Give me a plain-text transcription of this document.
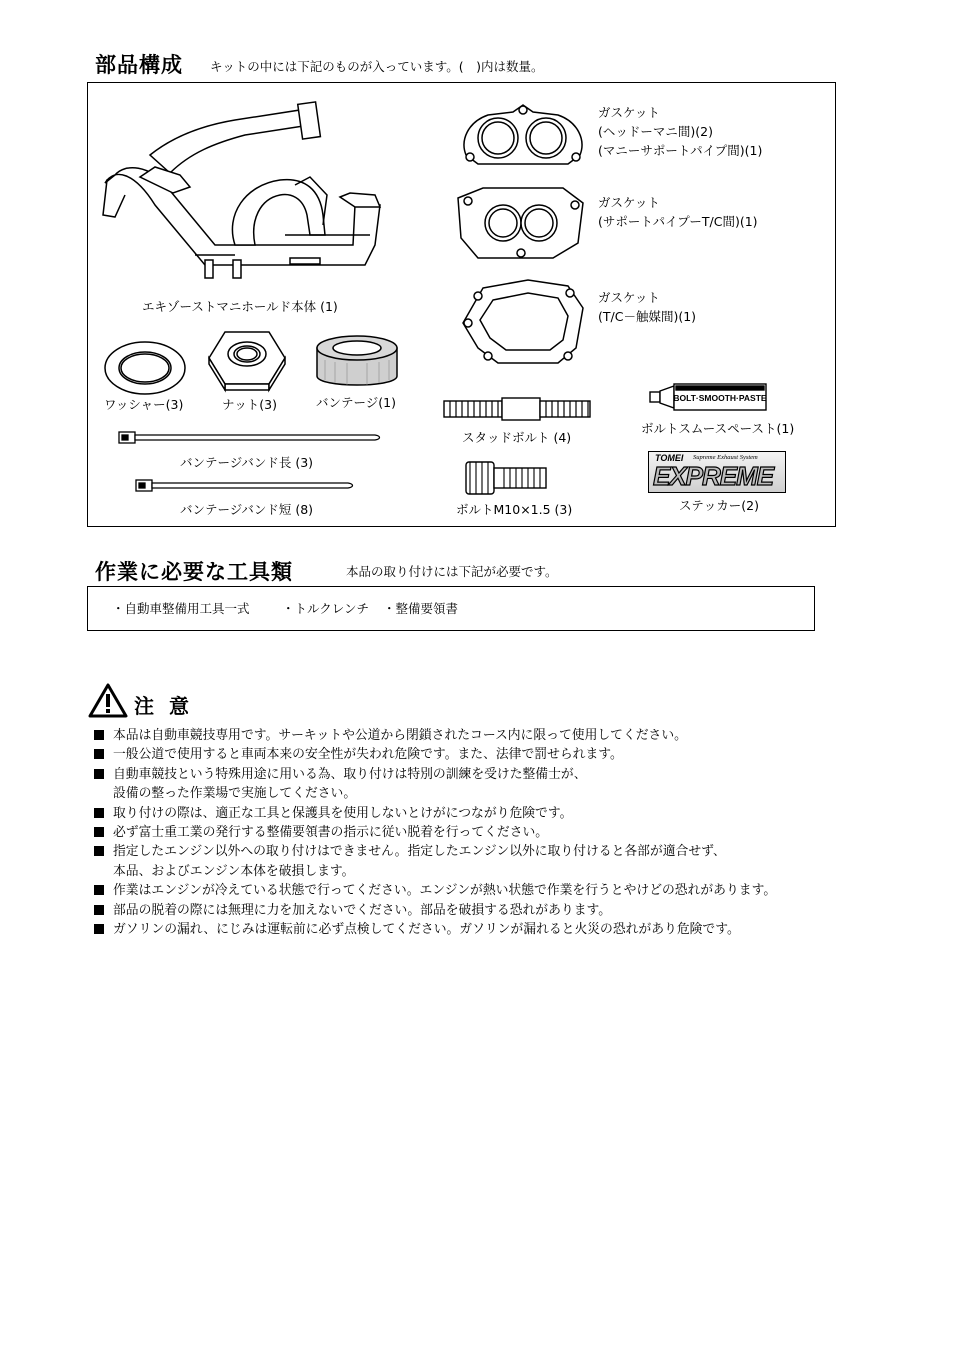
部品構成 キットの中には下記のものが入っています。(　)内は数量。
エキゾーストマニホールド本体 (1)
ガスケット
(ヘッドーマニ間)(2)
(マニーサポートパイプ間)(1)
ガスケット
(サポートパイプーT/C間)(1)
ガスケット
(T/C－触媒間)(1)
ワッシャー(3)	ナット(3)	バンテージ(1)
スタッドボルト (4)
BOLT·SMOOTH·PASTE
ボルトスムースペースト(1)
バンテージバンド長 (3)
バンテージバンド短 (8)	ボルトM10×1.5 (3)
TOMEI Supreme Exhaust System
EXPREME
ステッカー(2)
作業に必要な工具類	本品の取り付けには下記が必要です。
・自動車整備用工具一式	・トルクレンチ ・整備要領書
注 意
本品は自動車競技専用です。サーキットや公道から閉鎖されたコース内に限って使用してください。
一般公道で使用すると車両本来の安全性が失われ危険です。また、法律で罰せられます。
自動車競技という特殊用途に用いる為、取り付けは特別の訓練を受けた整備士が、
設備の整った作業場で実施してください。
取り付けの際は、適正な工具と保護具を使用しないとけがにつながり危険です。
必ず富士重工業の発行する整備要領書の指示に従い脱着を行ってください。
指定したエンジン以外への取り付けはできません。指定したエンジン以外に取り付けると各部が適合せず、
本品、およびエンジン本体を破損します。
作業はエンジンが冷えている状態で行ってください。エンジンが熱い状態で作業を行うとやけどの恐れがあります。
部品の脱着の際には無理に力を加えないでください。部品を破損する恐れがあります。
ガソリンの漏れ、にじみは運転前に必ず点検してください。ガソリンが漏れると火災の恐れがあり危険です。
